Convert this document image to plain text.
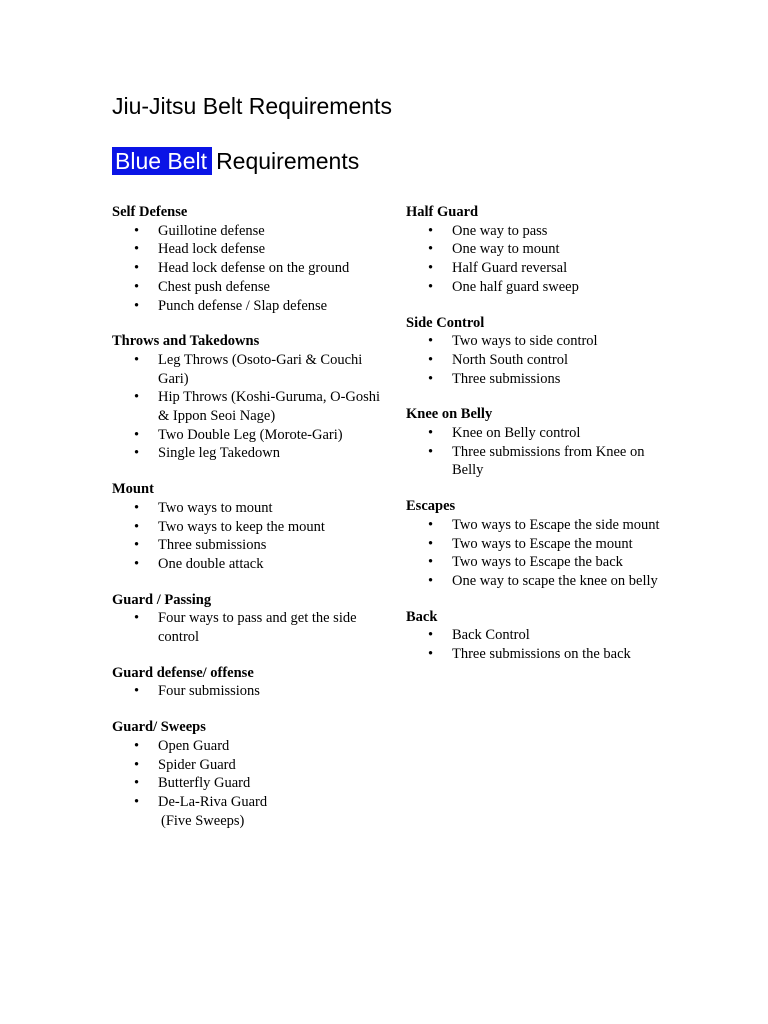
Jiu-Jitsu Belt Requirements
Blue Belt Requirements
Self Defense
• Guillotine defense
• Head lock defense
• Head lock defense on the ground
• Chest push defense
• Punch defense / Slap defense
Throws and Takedowns
• Leg Throws (Osoto-Gari & Couchi Gari)
• Hip Throws (Koshi-Guruma, O-Goshi & Ippon Seoi Nage)
• Two Double Leg (Morote-Gari)
• Single leg Takedown
Mount
• Two ways to mount
• Two ways to keep the mount
• Three submissions
• One double attack
Guard / Passing
• Four ways to pass and get the side control
Guard defense/ offense
• Four submissions
Guard/ Sweeps
• Open Guard
• Spider Guard
• Butterfly Guard
• De-La-Riva Guard
(Five Sweeps)
Half Guard
• One way to pass
• One way to mount
• Half Guard reversal
• One half guard sweep
Side Control
• Two ways to side control
• North South control
• Three submissions
Knee on Belly
• Knee on Belly control
• Three submissions from Knee on Belly
Escapes
• Two ways to Escape the side mount
• Two ways to Escape the mount
• Two ways to Escape the back
• One way to scape the knee on belly
Back
• Back Control
• Three submissions on the back
